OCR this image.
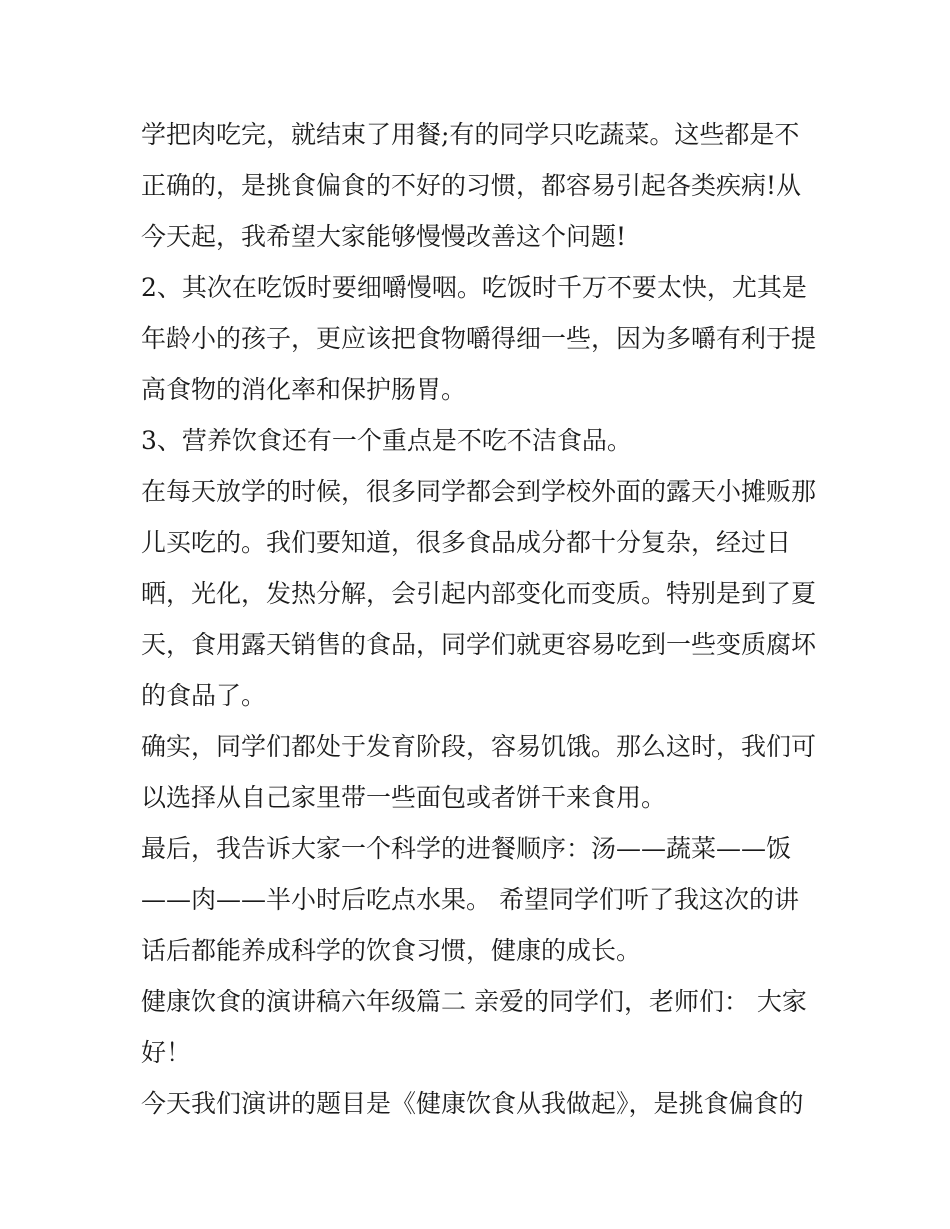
学把肉吃完，就结束了用餐;有的同学只吃蔬菜。这些都是不
正确的，是挑食偏食的不好的习惯，都容易引起各类疾病!从
今天起，我希望大家能够慢慢改善这个问题!
2、其次在吃饭时要细嚼慢咽。吃饭时千万不要太快，尤其是
年龄小的孩子，更应该把食物嚼得细一些，因为多嚼有利于提
高食物的消化率和保护肠胃。
3、营养饮食还有一个重点是不吃不洁食品。
在每天放学的时候，很多同学都会到学校外面的露天小摊贩那
儿买吃的。我们要知道，很多食品成分都十分复杂，经过日
晒，光化，发热分解，会引起内部变化而变质。特别是到了夏
天，食用露天销售的食品，同学们就更容易吃到一些变质腐坏
的食品了。
确实，同学们都处于发育阶段，容易饥饿。那么这时，我们可
以选择从自己家里带一些面包或者饼干来食用。
最后，我告诉大家一个科学的进餐顺序：汤——蔬菜——饭
——肉——半小时后吃点水果。 希望同学们听了我这次的讲
话后都能养成科学的饮食习惯，健康的成长。
健康饮食的演讲稿六年级篇二 亲爱的同学们，老师们： 大家
好！
今天我们演讲的题目是《健康饮食从我做起》，是挑食偏食的
